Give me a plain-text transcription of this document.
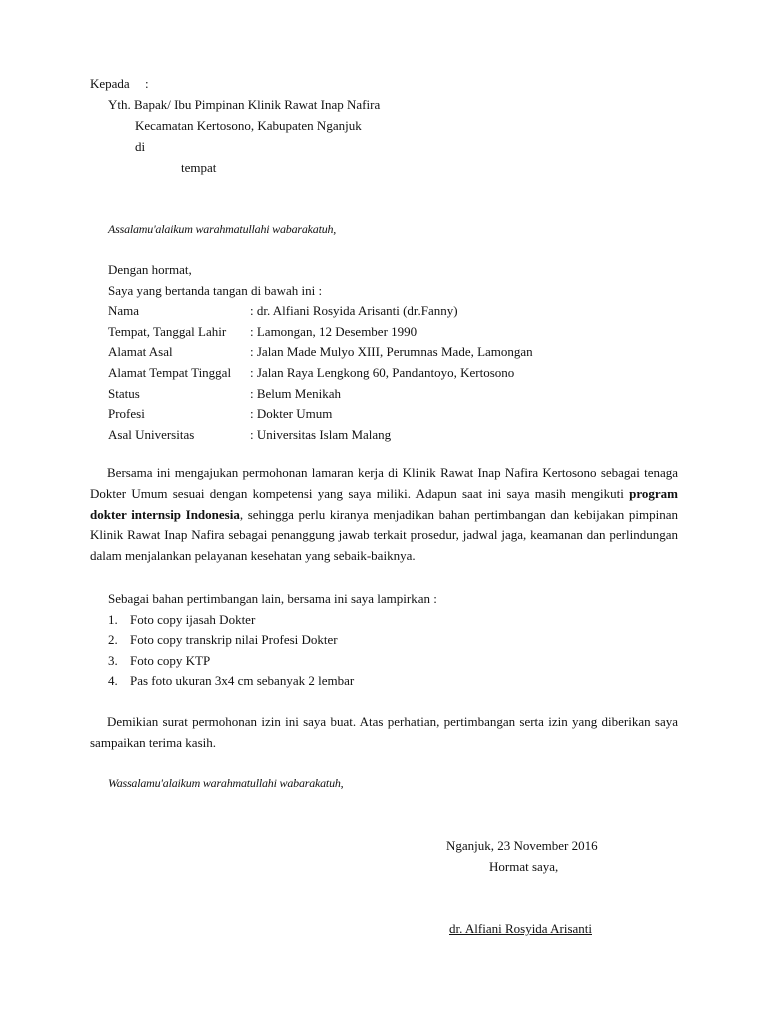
Kepada :
Yth. Bapak/ Ibu Pimpinan Klinik Rawat Inap Nafira
Kecamatan Kertosono, Kabupaten Nganjuk
di
tempat
Assalamu'alaikum warahmatullahi wabarakatuh,
Dengan hormat,
Saya yang bertanda tangan di bawah ini :
Nama	: dr. Alfiani Rosyida Arisanti (dr.Fanny)
Tempat, Tanggal Lahir : Lamongan, 12 Desember 1990
Alamat Asal	: Jalan Made Mulyo XIII, Perumnas Made, Lamongan
Alamat Tempat Tinggal : Jalan Raya Lengkong 60, Pandantoyo, Kertosono
Status	: Belum Menikah
Profesi	: Dokter Umum
Asal Universitas	: Universitas Islam Malang

Bersama ini mengajukan permohonan lamaran kerja di Klinik Rawat Inap Nafira Kertosono sebagai tenaga Dokter Umum sesuai dengan kompetensi yang saya miliki. Adapun saat ini saya masih mengikuti program dokter internsip Indonesia, sehingga perlu kiranya menjadikan bahan pertimbangan dan kebijakan pimpinan Klinik Rawat Inap Nafira sebagai penanggung jawab terkait prosedur, jadwal jaga, keamanan dan perlindungan dalam menjalankan pelayanan kesehatan yang sebaik-baiknya.

Sebagai bahan pertimbangan lain, bersama ini saya lampirkan :
1. Foto copy ijasah Dokter
2. Foto copy transkrip nilai Profesi Dokter
3. Foto copy KTP
4. Pas foto ukuran 3x4 cm sebanyak 2 lembar

Demikian surat permohonan izin ini saya buat. Atas perhatian, pertimbangan serta izin yang diberikan saya sampaikan terima kasih.

Wassalamu'alaikum warahmatullahi wabarakatuh,
Nganjuk, 23 November 2016
Hormat saya,
dr. Alfiani Rosyida Arisanti
